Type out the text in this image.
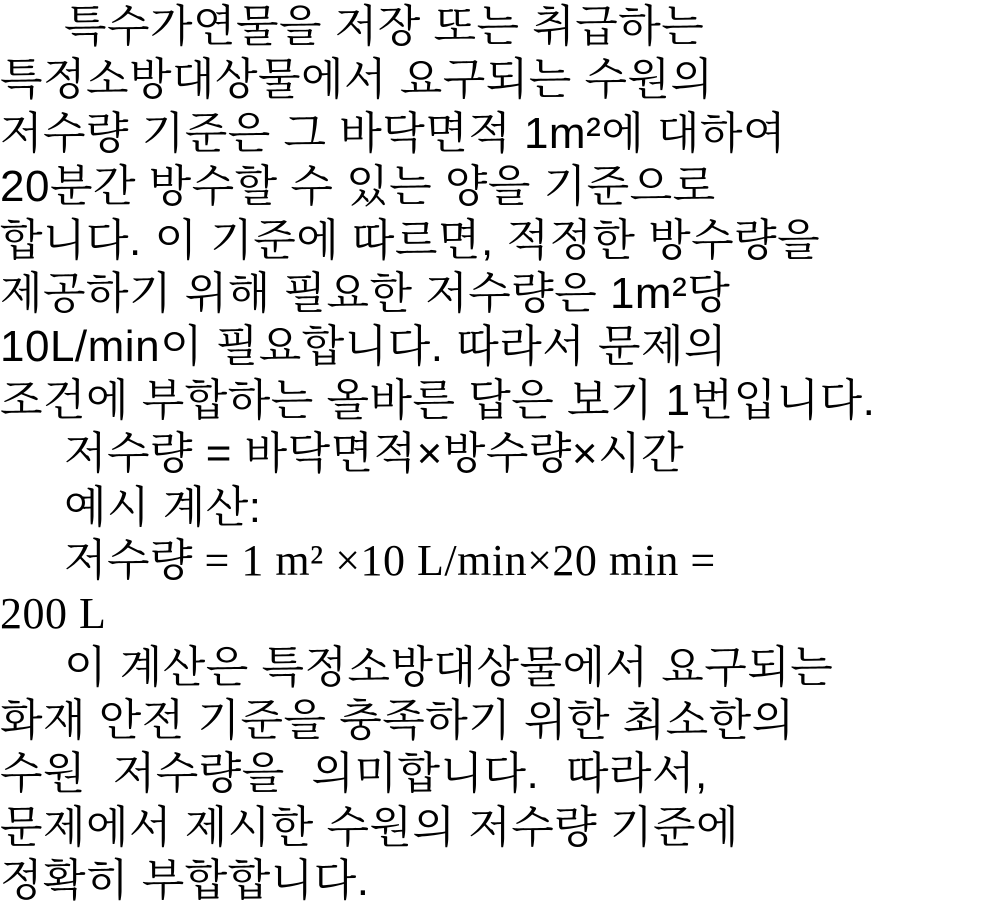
특수가연물을 저장 또는 취급하는
특정소방대상물에서 요구되는 수원의
저수량 기준은 그 바닥면적 1m²에 대하여
20분간 방수할 수 있는 양을 기준으로
합니다. 이 기준에 따르면, 적정한 방수량을
제공하기 위해 필요한 저수량은 1m²당
10L/min이 필요합니다. 따라서 문제의
조건에 부합하는 올바른 답은 보기 1번입니다.
저수량 = 바닥면적×방수량×시간
예시 계산:
저수량 = 1 m² ×10 L/min×20 min =
200 L
이 계산은 특정소방대상물에서 요구되는
화재 안전 기준을 충족하기 위한 최소한의
수원 저수량을 의미합니다. 따라서,
문제에서 제시한 수원의 저수량 기준에
정확히 부합합니다.
